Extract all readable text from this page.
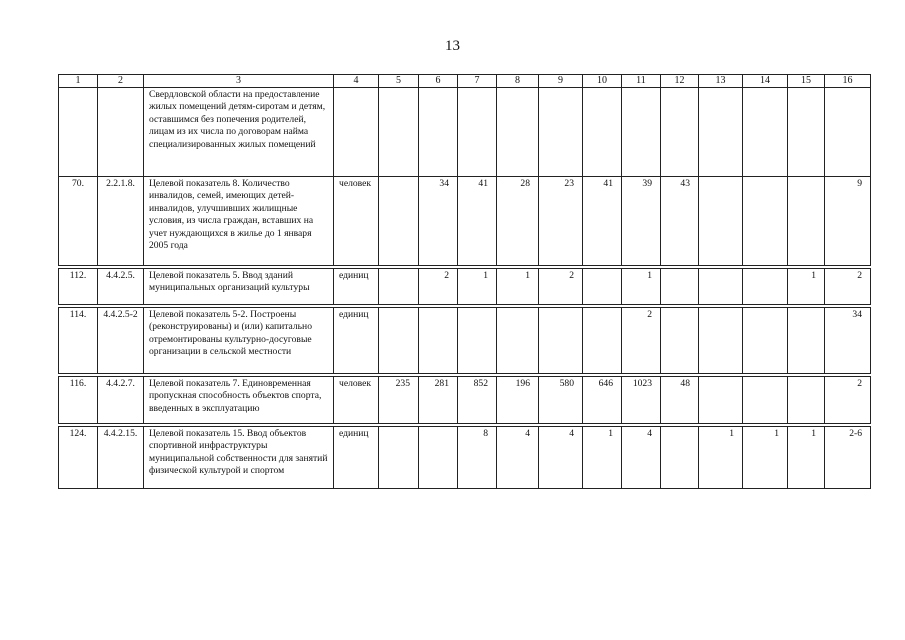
13
1	2	3	4	5	6	7	8	9	10	11	12	13	14	15	16
		Свердловской области на предоставление жилых помещений детям-сиротам и детям, оставшимся без попечения родителей, лицам из их числа по договорам найма специализированных жилых помещений													
70.	2.2.1.8.	Целевой показатель 8. Количество инвалидов, семей, имеющих детей-инвалидов, улучшивших жилищные условия, из числа граждан, вставших на учет нуждающихся в жилье до 1 января 2005 года	человек		34	41	28	23	41	39	43				9

112.	4.4.2.5.	Целевой показатель 5. Ввод зданий муниципальных организаций культуры	единиц		2	1	1	2		1				1	2

114.	4.4.2.5-2	Целевой показатель 5-2. Построены (реконструированы) и (или) капитально отремонтированы культурно-досуговые организации в сельской местности	единиц							2					34

116.	4.4.2.7.	Целевой показатель 7. Единовременная пропускная способность объектов спорта, введенных в эксплуатацию	человек	235	281	852	196	580	646	1023	48				2

124.	4.4.2.15.	Целевой показатель 15. Ввод объектов спортивной инфраструктуры муниципальной собственности для занятий физической культурой и спортом	единиц			8	4	4	1	4		1	1	1	2-6
